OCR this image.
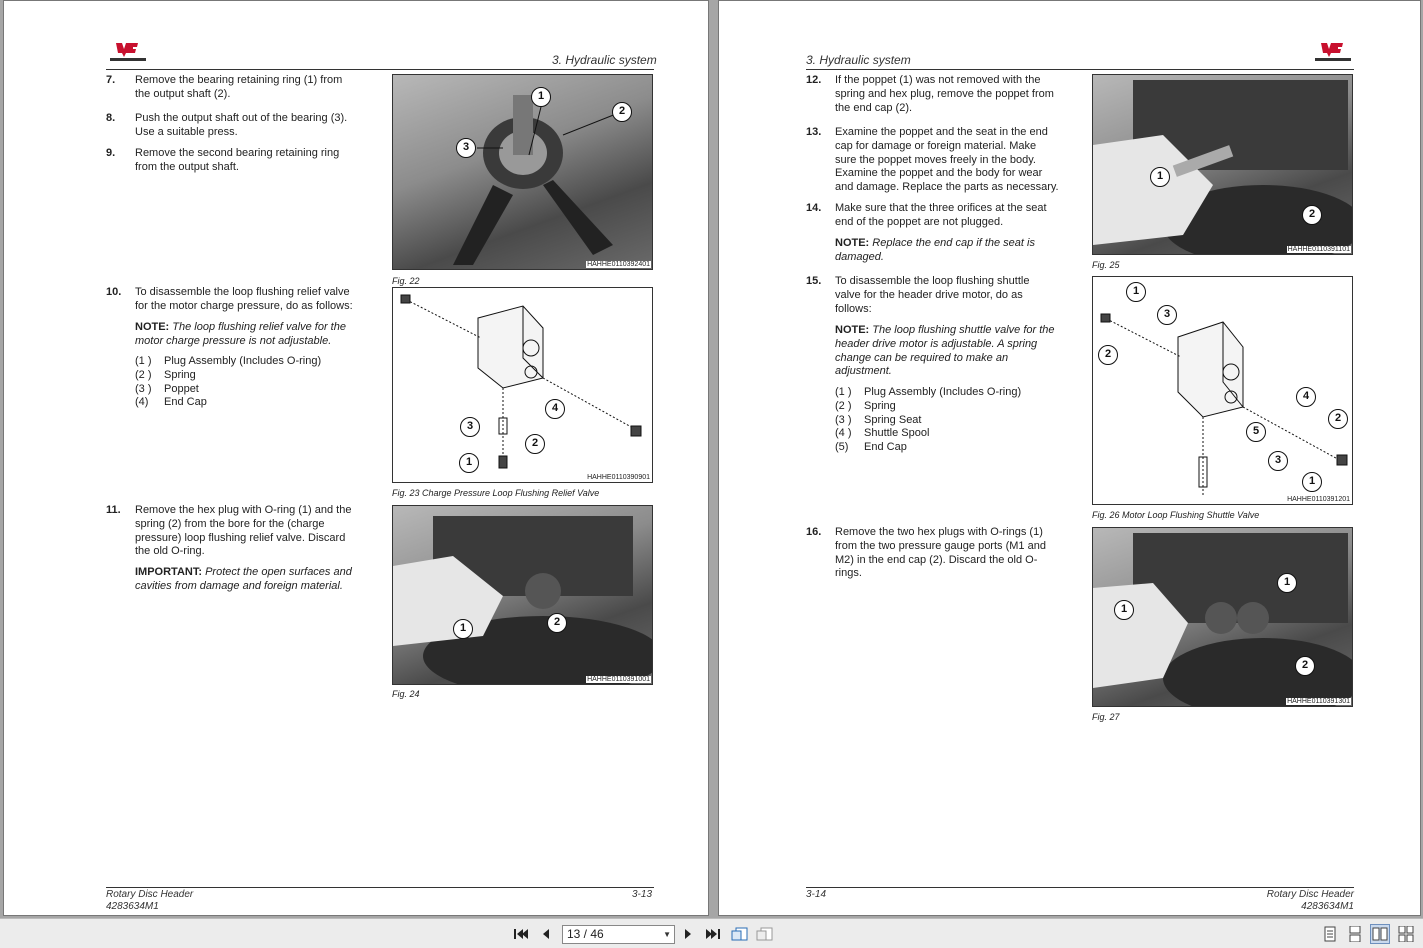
3. Hydraulic system
7. Remove the bearing retaining ring (1) from
the output shaft (2).
8. Push the output shaft out of the bearing (3).
Use a suitable press.
9. Remove the second bearing retaining ring
from the output shaft.
1
2
3
HAHHE0110392401
Fig. 22
10. To disassemble the loop flushing relief valve
for the motor charge pressure, do as follows:
NOTE: The loop flushing relief valve for the
motor charge pressure is not adjustable.
(1 )	Plug Assembly (Includes O-ring)
(2 )	Spring
(3 )	Poppet
(4)	End Cap	4
3
2
1
HAHHE0110390901
Fig. 23 Charge Pressure Loop Flushing Relief Valve
11. Remove the hex plug with O-ring (1) and the
spring (2) from the bore for the (charge
pressure) loop flushing relief valve. Discard
the old O-ring.
IMPORTANT: Protect the open surfaces and
cavities from damage and foreign material.
1	2
HAHHE0110391001
Fig. 24
Rotary Disc Header
4283634M1
3-13
3. Hydraulic system
12. If the poppet (1) was not removed with the
spring and hex plug, remove the poppet from
the end cap (2).
13. Examine the poppet and the seat in the end
cap for damage or foreign material. Make
sure the poppet moves freely in the body.
Examine the poppet and the body for wear
and damage. Replace the parts as necessary.
14. Make sure that the three orifices at the seat
end of the poppet are not plugged.
NOTE: Replace the end cap if the seat is
damaged.
1
2
HAHHE0110391101
Fig. 25
15. To disassemble the loop flushing shuttle
valve for the header drive motor, do as
follows:
NOTE: The loop flushing shuttle valve for the
header drive motor is adjustable. A spring
change can be required to make an
adjustment.
(1 )	Plug Assembly (Includes O-ring)
(2 )	Spring
(3 )	Spring Seat
(4 )	Shuttle Spool
(5)	End Cap
1
3
2
4
2
5
3
1
HAHHE0110391201
Fig. 26 Motor Loop Flushing Shuttle Valve
16. Remove the two hex plugs with O-rings (1)
from the two pressure gauge ports (M1 and
M2) in the end cap (2). Discard the old O-
rings.
1
1
2
HAHHE0110391301
Fig. 27
3-14	Rotary Disc Header
4283634M1
13 / 46	▼
